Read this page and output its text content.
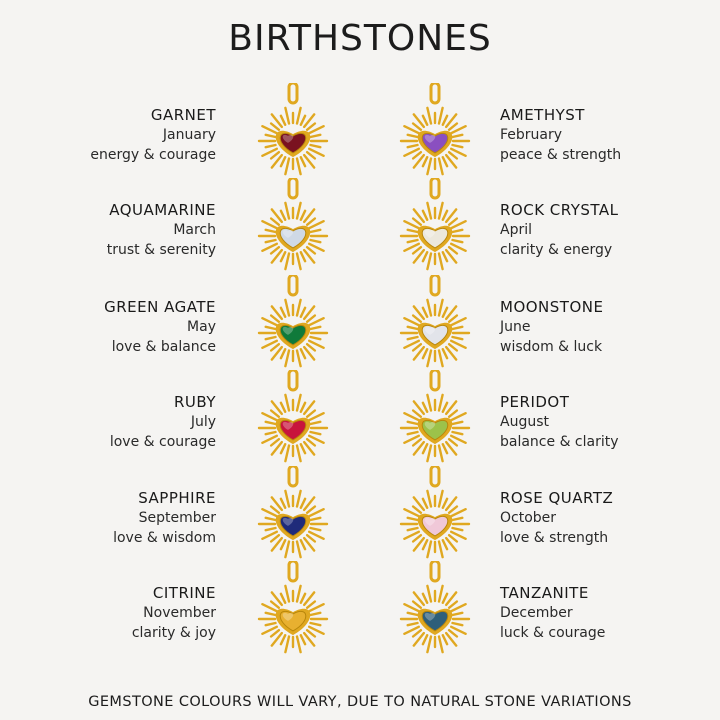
BIRTHSTONES
GARNET
January
energy & courage
AMETHYST
February
peace & strength
AQUAMARINE
March
trust & serenity
ROCK CRYSTAL
April
clarity & energy
GREEN AGATE
May
love & balance
MOONSTONE
June
wisdom & luck
RUBY
July
love & courage
PERIDOT
August
balance & clarity
SAPPHIRE
September
love & wisdom
ROSE QUARTZ
October
love & strength
CITRINE
November
clarity & joy
TANZANITE
December
luck & courage
GEMSTONE COLOURS WILL VARY, DUE TO NATURAL STONE VARIATIONS
